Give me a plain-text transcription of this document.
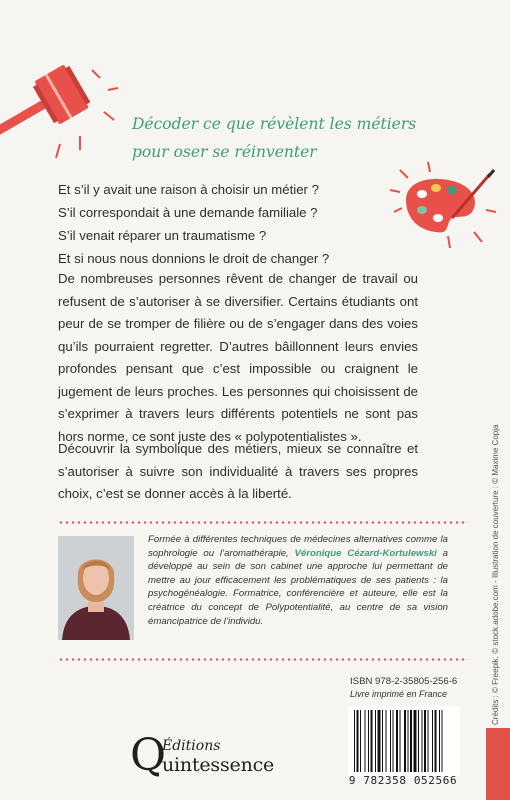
Décoder ce que révèlent les métiers
pour oser se réinventer
Et s’il y avait une raison à choisir un métier ?
S’il correspondait à une demande familiale ?
S’il venait réparer un traumatisme ?
Et si nous nous donnions le droit de changer ?
De nombreuses personnes rêvent de changer de travail ou refusent de s’autoriser à se diversifier. Certains étudiants ont peur de se tromper de filière ou de s’engager dans des voies qu’ils pourraient regretter. D’autres bâillonnent leurs envies profondes pensant que c’est impossible ou craignent le jugement de leurs proches. Les personnes qui choisissent de s’exprimer à travers leurs différents potentiels ne sont pas hors norme, ce sont juste des « polypotentialistes ».
Découvrir la symbolique des métiers, mieux se connaître et s’autoriser à suivre son individualité à travers ses propres choix, c’est se donner accès à la liberté.
Formée à différentes techniques de médecines alternatives comme la sophrologie ou l’aromathérapie, Véronique Cézard-Kortulewski a développé au sein de son cabinet une approche lui permettant de mettre au jour efficacement les problématiques de ses patients : la psychogénéalogie. Formatrice, conférencière et auteure, elle est la créatrice du concept de Polypotentialité, au centre de sa vision émancipatrice de l’individu.	Crédits : © Freepik, © stock.adobe.com - Illustration de couverture : © Maxime Copja
ISBN 978-2-35805-256-6
Livre imprimé en France
9 782358 052566
Q
Éditions
uintessence
